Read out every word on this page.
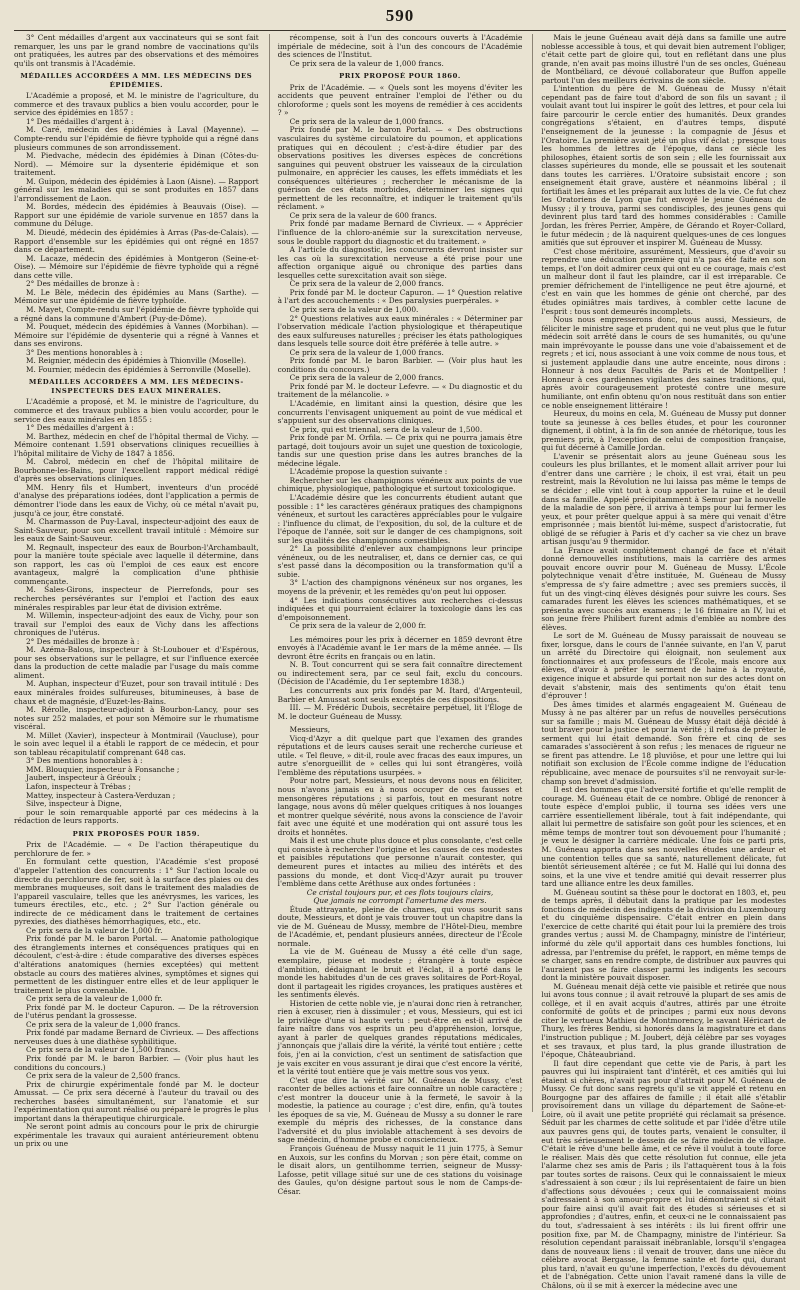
590

3° Cent médailles d'argent aux vaccinateurs qui se sont fait remarquer, les uns par le grand nombre de vaccinations qu'ils ont pratiquées, les autres par des observations et des mémoires qu'ils ont transmis à l'Académie.

MÉDAILLES ACCORDÉES A MM. LES MÉDECINS DES ÉPIDÉMIES.

L'Académie a proposé, et M. le ministre de l'agriculture, du commerce et des travaux publics a bien voulu accorder, pour le service des épidémies en 1857 :

1° Des médailles d'argent à :

M. Caré, médecin des épidémies à Laval (Mayenne). — Compte-rendu sur l'épidémie de fièvre typhoïde qui a régné dans plusieurs communes de son arrondissement.

M. Piedvache, médecin des épidémies à Dinan (Côtes-du-Nord). — Mémoire sur la dysenterie épidémique et son traitement.

M. Guipon, médecin des épidémies à Laon (Aisne). — Rapport général sur les maladies qui se sont produites en 1857 dans l'arrondissement de Laon.

M. Bordes, médecin des épidémies à Beauvais (Oise). — Rapport sur une épidémie de variole survenue en 1857 dans la commune du Déluge.

M. Dieudé, médecin des épidémies à Arras (Pas-de-Calais). — Rapport d'ensemble sur les épidémies qui ont régné en 1857 dans ce département.

M. Lacaze, médecin des épidémies à Montgeron (Seine-et-Oise). — Mémoire sur l'épidémie de fièvre typhoïde qui a régné dans cette ville.

2° Des médailles de bronze à :

M. Le Bèle, médecin des épidémies au Mans (Sarthe). — Mémoire sur une épidémie de fièvre typhoïde.

M. Mayet, Compte-rendu sur l'épidémie de fièvre typhoïde qui a régné dans la commune d'Ambert (Puy-de-Dôme).

M. Pouquet, médecin des épidémies à Vannes (Morbihan). — Mémoire sur l'épidémie de dysenterie qui a régné à Vannes et dans ses environs.

3° Des mentions honorables à :

M. Reignier, médecin des épidémies à Thionville (Moselle).

M. Fournier, médecin des épidémies à Serronville (Moselle).

MÉDAILLES ACCORDÉES A MM. LES MÉDECINS-INSPECTEURS DES EAUX MINÉRALES.

L'Académie a proposé, et M. le ministre de l'agriculture, du commerce et des travaux publics a bien voulu accorder, pour le service des eaux minérales en 1855 :

1° Des médailles d'argent à :

M. Barthez, médecin en chef de l'hôpital thermal de Vichy. — Mémoire contenant 1.591 observations cliniques recueillies à l'hôpital militaire de Vichy de 1847 à 1856.

M. Cabrol, médecin en chef de l'hôpital militaire de Bourbonne-les-Bains, pour l'excellent rapport médical rédigé d'après ses observations cliniques.

MM. Henry fils et Humbert, inventeurs d'un procédé d'analyse des préparations iodées, dont l'application a permis de démontrer l'iode dans les eaux de Vichy, où ce métal n'avait pu, jusqu'à ce jour, être constaté.

M. Charmasson de Puy-Laval, inspecteur-adjoint des eaux de Saint-Sauveur, pour son excellent travail intitulé : Mémoire sur les eaux de Saint-Sauveur.

M. Regnault, inspecteur des eaux de Bourbon-l'Archambault, pour la manière toute spéciale avec laquelle il détermine, dans son rapport, les cas où l'emploi de ces eaux est encore avantageux, malgré la complication d'une phthisie commençante.

M. Sales-Girons, inspecteur de Pierrefonds, pour ses recherches persévérantes sur l'emploi et l'action des eaux minérales respirables par leur état de division extrême.

M. Willemin, inspecteur-adjoint des eaux de Vichy, pour son travail sur l'emploi des eaux de Vichy dans les affections chroniques de l'utérus.

2° Des médailles de bronze à :

M. Azéma-Balous, inspecteur à St-Loubouer et d'Espérous, pour ses observations sur le pellagre, et sur l'influence exercée dans la production de cette maladie par l'usage du maïs comme aliment.

M. Auphan, inspecteur d'Euzet, pour son travail intitulé : Des eaux minérales froides sulfureuses, bitumineuses, à base de chaux et de magnésie, d'Euzet-les-Bains.

M. Rérolle, inspecteur-adjoint à Bourbon-Lancy, pour ses notes sur 252 malades, et pour son Mémoire sur le rhumatisme viscéral.

M. Millet (Xavier), inspecteur à Montmirail (Vaucluse), pour le soin avec lequel il a établi le rapport de ce médecin, et pour son tableau récapitulatif comprenant 648 cas.

3° Des mentions honorables à :

MM. Blouquier, inspecteur à Fonsanche ;

Jaubert, inspecteur à Gréoulx ;

Lafon, inspecteur à Trébas ;

Mattey, inspecteur à Castera-Verduzan ;

Silve, inspecteur à Digne,

pour le soin remarquable apporté par ces médecins à la rédaction de leurs rapports.

PRIX PROPOSÉS POUR 1859.

Prix de l'Académie. — « De l'action thérapeutique du perchlorure de fer. »

En formulant cette question, l'Académie s'est proposé d'appeler l'attention des concurrents : 1° Sur l'action locale ou directe du perchlorure de fer, soit à la surface des plaies ou des membranes muqueuses, soit dans le traitement des maladies de l'appareil vasculaire, telles que les anévrysmes, les varices, les tumeurs érectiles, etc., etc. ; 2° Sur l'action générale ou indirecte de ce médicament dans le traitement de certaines pyrexies, des diathèses hémorrhagiques, etc., etc.

Ce prix sera de la valeur de 1,000 fr.

Prix fondé par M. le baron Portal. — Anatomie pathologique des étranglements internes et conséquences pratiques qui en découlent, c'est-à-dire : étude comparative des diverses espèces d'altérations anatomiques (hernies exceptées) qui mettent obstacle au cours des matières alvines, symptômes et signes qui permettent de les distinguer entre elles et de leur appliquer le traitement le plus convenable.

Ce prix sera de la valeur de 1,000 fr.

Prix fondé par M. le docteur Capuron. — De la rétroversion de l'utérus pendant la grossesse.

Ce prix sera de la valeur de 1,000 francs.

Prix fondé par madame Bernard de Civrieux. — Des affections nerveuses dues à une diathèse syphilitique.

Ce prix sera de la valeur de 1,500 francs.

Prix fondé par M. le baron Barbier. — (Voir plus haut les conditions du concours.)

Ce prix sera de la valeur de 2,500 francs.

Prix de chirurgie expérimentale fondé par M. le docteur Amussat. — Ce prix sera décerné à l'auteur du travail ou des recherches basées simultanément, sur l'anatomie et sur l'expérimentation qui auront réalisé ou préparé le progrès le plus important dans la thérapeutique chirurgicale.

Ne seront point admis au concours pour le prix de chirurgie expérimentale les travaux qui auraient antérieurement obtenu un prix ou une

récompense, soit à l'un des concours ouverts à l'Académie impériale de médecine, soit à l'un des concours de l'Académie des sciences de l'Institut.

Ce prix sera de la valeur de 1,000 francs.

PRIX PROPOSÉ POUR 1860.

Prix de l'Académie. — « Quels sont les moyens d'éviter les accidents que peuvent entraîner l'emploi de l'éther ou du chloroforme ; quels sont les moyens de remédier à ces accidents ? »

Ce prix sera de la valeur de 1,000 francs.

Prix fondé par M. le baron Portal. — « Des obstructions vasculaires du système circulatoire du poumon, et applications pratiques qui en découlent ; c'est-à-dire étudier par des observations positives les diverses espèces de concrétions sanguines qui peuvent obstruer les vaisseaux de la circulation pulmonaire, en apprécier les causes, les effets immédiats et les conséquences ultérieures ; rechercher le mécanisme de la guérison de ces états morbides, déterminer les signes qui permettent de les reconnaître, et indiquer le traitement qu'ils réclament. »

Ce prix sera de la valeur de 600 francs.

Prix fondé par madame Bernard de Civrieux. — « Apprécier l'influence de la chloro-anémie sur la surexcitation nerveuse, sous le double rapport du diagnostic et du traitement. »

A l'article du diagnostic, les concurrents devront insister sur les cas où la surexcitation nerveuse a été prise pour une affection organique aiguë ou chronique des parties dans lesquelles cette surexcitation avait son siège.

Ce prix sera de la valeur de 2,000 francs.

Prix fondé par M. le docteur Capuron. — 1° Question relative à l'art des accouchements : « Des paralysies puerpérales. »

Ce prix sera de la valeur de 1,000.

2° Questions relatives aux eaux minérales : « Déterminer par l'observation médicale l'action physiologique et thérapeutique des eaux sulfureuses naturelles ; préciser les états pathologiques dans lesquels telle source doit être préférée à telle autre. »

Ce prix sera de la valeur de 1,000 francs.

Prix fondé par M. le baron Barbier. — (Voir plus haut les conditions du concours.)

Ce prix sera de la valeur de 2,000 francs.

Prix fondé par M. le docteur Lefevre. — « Du diagnostic et du traitement de la mélancolie. »

L'Académie, en limitant ainsi la question, désire que les concurrents l'envisagent uniquement au point de vue médical et s'appuient sur des observations cliniques.

Ce prix, qui est triennal, sera de la valeur de 1,500.

Prix fondé par M. Orfila. — Ce prix qui ne pourra jamais être partagé, doit toujours avoir un sujet une question de toxicologie, tandis sur une question prise dans les autres branches de la médecine légale.

L'Académie propose la question suivante :

Rechercher sur les champignons vénéneux aux points de vue chimique, physiologique, pathologique et surtout toxicologique.

L'Académie désire que les concurrents étudient autant que possible : 1° les caractères généraux pratiques des champignons vénéneux, et surtout les caractères appréciables pour le vulgaire : l'influence du climat, de l'exposition, du sol, de la culture et de l'époque de l'année, soit sur le danger de ces champignons, soit sur les qualités des champignons comestibles.

2° La possibilité d'enlever aux champignons leur principe vénéneux, ou de les neutraliser, et, dans ce dernier cas, ce qui s'est passé dans la décomposition ou la transformation qu'il a subie.

3° L'action des champignons vénéneux sur nos organes, les moyens de la prévenir, et les remèdes qu'on peut lui opposer.

4° Les indications consécutives aux recherches ci-dessus indiquées et qui pourraient éclairer la toxicologie dans les cas d'empoisonnement.

Ce prix sera de la valeur de 2,000 fr.

Les mémoires pour les prix à décerner en 1859 devront être envoyés à l'Académie avant le 1er mars de la même année. — Ils devront être écrits en français ou en latin.

N. B. Tout concurrent qui se sera fait connaître directement ou indirectement sera, par ce seul fait, exclu du concours. (Décision de l'Académie, du 1er septembre 1838.)

Les concurrents aux prix fondés par M. Itard, d'Argenteuil, Barbier et Amussat sont seuls exceptés de ces dispositions.

III. — M. Frédéric Dubois, secrétaire perpétuel, lit l'Éloge de M. le docteur Guéneau de Mussy.

Messieurs,

Vicq-d'Azyr a dit quelque part que l'examen des grandes réputations et de leurs causes serait une recherche curieuse et utile. « Tel fleuve, » dit-il, roule avec fracas des eaux impures, un autre s'enorgueillit de » celles qui lui sont étrangères, voilà l'emblème des réputations usurpées. »

Pour notre part, Messieurs, et nous devons nous en féliciter, nous n'avons jamais eu à nous occuper de ces fausses et mensongères réputations ; si parfois, tout en mesurant notre langage, nous avons dû mêler quelques critiques à nos louanges et montrer quelque sévérité, nous avons la conscience de l'avoir fait avec une équité et une modération qui ont assuré tous les droits et honnêtes.

Mais il est une chute plus douce et plus consolante, c'est celle qui consiste à rechercher l'origine et les causes de ces modestes et paisibles réputations que personne n'aurait contester, qui demeurent pures et intactes au milieu des intérêts et des passions du monde, et dont Vicq-d'Azyr aurait pu trouver l'emblème dans cette Aréthuse aux ondes fortunées :

Ce cristal toujours pur, et ces flots toujours clairs,

Que jamais ne corrompt l'amertume des mers.

Étude attrayante, pleine de charmes, qui vous sourit sans doute, Messieurs, et dont je vais trouver tout un chapitre dans la vie de M. Guéneau de Mussy, membre de l'Hôtel-Dieu, membre de l'Académie, et, pendant plusieurs années, directeur de l'École normale.

La vie de M. Guéneau de Mussy a été celle d'un sage, exemplaire, pieuse et modeste ; étrangère à toute espèce d'ambition, dédaignant le bruit et l'éclat, il a porté dans le monde les habitudes d'un de ces graves solitaires de Port-Royal, dont il partageait les rigides croyances, les pratiques austères et les sentiments élevés.

Historien de cette noble vie, je n'aurai donc rien à retrancher, rien à excuser, rien à dissimuler ; et vous, Messieurs, qui est ici le privilège d'une si haute vertu : peut-être en est-il arrivé de faire naître dans vos esprits un peu d'appréhension, lorsque, ayant à parler de quelques grandes réputations médicales, j'annonçais que j'allais dire la vérité, la vérité tout entière ; cette fois, j'en ai la conviction, c'est un sentiment de satisfaction que je vais exciter en vous assurant je dirai que c'est encore la vérité, et la vérité tout entière que je vais mettre sous vos yeux.

C'est que dire la vérité sur M. Guéneau de Mussy, c'est raconter de belles actions et faire connaître un noble caractère ; c'est montrer la douceur unie à la fermeté, le savoir à la modestie, la patience au courage ; c'est dire, enfin, qu'à toutes les époques de sa vie, M. Guéneau de Mussy a su donner le rare exemple du mépris des richesses, de la constance dans l'adversité et du plus inviolable attachement à ses devoirs de sage médecin, d'homme probe et consciencieux.

François Guéneau de Mussy naquit le 11 juin 1775, à Semur en Auxois, sur les confins du Morvan ; son père était, comme on le disait alors, un gentilhomme terrien, seigneur de Mussy-Lafosse, petit village situé sur une de ces stations du voisinage des Gaules, qu'on désigne partout sous le nom de Camps-de-César.

Mais le jeune Guéneau avait déjà dans sa famille une autre noblesse accessible à tous, et qui devait bien autrement l'obliger, c'était cette part de gloire qui, tout en reflétant dans une plus grande, n'en avait pas moins illustré l'un de ses oncles, Guéneau de Montbéliard, ce dévoué collaborateur que Buffon appelle partout l'un des meilleurs écrivains de son siècle.

L'intention du père de M. Guéneau de Mussy n'était cependant pas de faire tout d'abord de son fils un savant ; il voulait avant tout lui inspirer le goût des lettres, et pour cela lui faire parcourir le cercle entier des humanités. Deux grandes congrégations s'étaient, en d'autres temps, disputé l'enseignement de la jeunesse : la compagnie de Jésus et l'Oratoire. La première avait jeté un plus vif éclat ; presque tous les hommes de lettres de l'époque, dans ce siècle les philosophes, étaient sortis de son sein ; elle les fournissait aux classes supérieures du monde, elle se poussait et les soutenait dans toutes les carrières. L'Oratoire subsistait encore ; son enseignement était grave, austère et néanmoins libéral ; il fortifiait les âmes et les préparait aux luttes de la vie. Ce fut chez les Oratoriens de Lyon que fut envoyé le jeune Guéneau de Mussy ; il y trouva, parmi ses condisciples, des jeunes gens qui devinrent plus tard tard des hommes considérables : Camille Jordan, les frères Perrier, Ampère, de Gérando et Royer-Collard, le futur médecin ; de là naquirent quelques-unes de ces longues amitiés que sut éprouver et inspirer M. Guéneau de Mussy.

C'est chose méritoire, assurément, Messieurs, que d'avoir su reprendre une éducation première qui n'a pas été faite en son temps, et l'on doit admirer ceux qui ont eu ce courage, mais c'est un malheur dont il faut les plaindre, car il est irréparable. Ce premier défrichement de l'intelligence ne peut être ajourné, et c'est en vain que les hommes de génie ont cherché, par des études opiniâtres mais tardives, à combler cette lacune de l'esprit : tous sont demeurés incomplets.

Nous nous empresserons donc, nous aussi, Messieurs, de féliciter le ministre sage et prudent qui ne veut plus que le futur médecin soit arrêté dans le cours de ses humanités, ou qu'une main imprévoyante le pousse dans une voie d'abaissement et de regrets ; et ici, nous associant à une voix comme de nous tous, et si justement applaudie dans une autre enceinte, nous dirons : Honneur à nos deux Facultés de Paris et de Montpellier ! Honneur à ces gardiennes vigilantes des saines traditions, qui, après avoir courageusement protesté contre une mesure humiliante, ont enfin obtenu qu'on nous restituât dans son entier ce noble enseignement littéraire !

Heureux, du moins en cela, M. Guéneau de Mussy put donner toute sa jeunesse à ces belles études, et pour les couronner dignement, il obtint, à la fin de son année de rhétorique, tous les premiers prix, à l'exception de celui de composition française, qui fut décerné à Camille Jordan.

L'avenir se présentait alors au jeune Guéneau sous les couleurs les plus brillantes, et le moment allait arriver pour lui d'entrer dans une carrière ; le choix, il est vrai, était un peu restreint, mais la Révolution ne lui laissa pas même le temps de se décider ; elle vint tout à coup apporter la ruine et le deuil dans sa famille. Appelé précipitamment à Semur par la nouvelle de la maladie de son père, il arriva à temps pour lui fermer les yeux, et pour prêter quelque appui à sa mère qui venait d'être emprisonnée ; mais bientôt lui-même, suspect d'aristocratie, fut obligé de se réfugier à Paris et d'y cacher sa vie chez un brave artisan jusqu'au 9 thermidor.

La France avait complètement changé de face et n'était donné dernouvelles institutions, mais la carrière des armes pouvait encore ouvrir pour M. Guéneau de Mussy. L'École polytechnique venait d'être instituée, M. Guéneau de Mussy s'empressa de s'y faire admettre ; avec ses premiers succès, il fut un des vingt-cinq élèves désignés pour suivre les cours. Ses camarades furent les élèves les sciences mathématiques, et se présenta avec succès aux examens ; le 16 frimaire an IV, lui et son jeune frère Philibert furent admis d'emblée au nombre des élèves.

Le sort de M. Guéneau de Mussy paraissait de nouveau se fixer, lorsque, dans le cours de l'année suivante, en l'an V, parut un arrêté du Directoire qui éloignait, non seulement aux fonctionnaires et aux professeurs de l'École, mais encore aux élèves, d'avoir à prêter le serment de haine à la royauté, exigence inique et absurde qui portait non sur des actes dont on devait s'abstenir, mais des sentiments qu'on était tenu d'éprouver !

Des âmes timides et alarmés engageaient M. Guéneau de Mussy à ne pas altérer par un refus de nouvelles persécutions sur sa famille ; mais M. Guéneau de Mussy était déjà décidé à tout braver pour la justice et pour la vérité ; il refusa de prêter le serment qui lui était demandé. Son frère et cinq de ses camarades s'associèrent à son refus ; les menaces de rigueur ne se firent pas attendre. Le 18 pluviôse, et pour une lettre qui lui notifiait son exclusion de l'École comme indigne de l'éducation républicaine, avec menace de poursuites s'il ne renvoyait sur-le-champ son brevet d'admission.

Il est des hommes que l'adversité fortifie et qu'elle remplit de courage. M. Guéneau était de ce nombre. Obligé de renoncer à toute espèce d'emploi public, il tourna ses idées vers une carrière essentiellement libérale, tout à fait indépendante, qui allait lui permettre de satisfaire son goût pour les sciences, et en même temps de montrer tout son dévouement pour l'humanité ; je veux le désigner la carrière médicale. Une fois ce parti pris, M. Guéneau apporta dans ses nouvelles études une ardeur et une contention telles que sa santé, naturellement délicate, fut bientôt sérieusement altérée ; ce fut M. Hallé qui lui donna des soins, et la une vive et tendre amitié qui devait resserrer plus tard une alliance entre les deux familles.

M. Guéneau soutint sa thèse pour le doctorat en 1803, et, peu de temps après, il débutait dans la pratique par les modestes fonctions de médecin des indigents de la division du Luxembourg et du cinquième dispensaire. C'était entrer en plein dans l'exercice de cette charité qui était pour lui la première des trois grandes vertus ; aussi M. de Champagny, ministre de l'intérieur, informé du zèle qu'il apportait dans ces humbles fonctions, lui adressa, par l'entremise du préfet, le rapport, en même temps de se charger, sans en rendre compte, de distribuer aux pauvres qui l'auraient pas se faire classer parmi les indigents les secours dont la ministère pouvait disposer.

M. Guéneau menait déjà cette vie paisible et retirée que nous lui avons tous connue ; il avait retrouvé la plupart de ses amis de collège, et il en avait acquis d'autres, attirés par une étroite conformité de goûts et de principes ; parmi eux nous devons citer le vertueux Mathieu de Montmorency, le savant Héricart de Thury, les frères Bendu, si honorés dans la magistrature et dans l'instruction publique ; M. Joubert, déjà célèbre par ses voyages et ses travaux, et plus tard, la plus grande illustration de l'époque, Châteaubriand.

Il faut dire cependant que cette vie de Paris, à part les pauvres qui lui inspiraient tant d'intérêt, et ces amitiés qui lui étaient si chères, n'avait pas pour d'attrait pour M. Guéneau de Mussy. Ce fut donc sans regrets qu'il se vit appelé et retenu en Bourgogne par des affaires de famille ; il était allé s'établir provisoirement dans un village du département de Saône-et-Loire, où il avait une petite propriété qui réclamait sa présence. Séduit par les charmes de cette solitude et par l'idée d'être utile aux pauvres gens qui, de toutes parts, venaient le consulter, il eut très sérieusement le dessein de se faire médecin de village. C'était le rêve d'une belle âme, et ce rêve il voulut à toute force le réaliser. Mais dès que cette résolution fut connue, elle jeta l'alarme chez ses amis de Paris ; ils l'attaquèrent tous à la fois par toutes sortes de raisons. Ceux qui le connaissaient le mieux s'adressaient à son cœur ; ils lui représentaient de faire un bien d'affections sous dévouées ; ceux qui le connaissaient moins s'adressaient à son amour-propre et lui démontraient si c'était pour faire ainsi qu'il avait fait des études si sérieuses et si approfondies ; d'autres, enfin, et ceux-ci ne le connaissaient pas du tout, s'adressaient à ses intérêts : ils lui firent offrir une position fixe, par M. de Champagny, ministre de l'intérieur. Sa résolution cependant paraissait inébranlable, lorsqu'il s'engagea dans de nouveaux liens : il venait de trouver, dans une nièce du célèbre avocat Bergasse, la femme sainte et forte qui, durant plus tard, n'avait eu qu'une imperfection, l'excès du dévouement et de l'abnégation. Cette union l'avait ramené dans la ville de Châlons, où il se mit à exercer la médecine avec une
